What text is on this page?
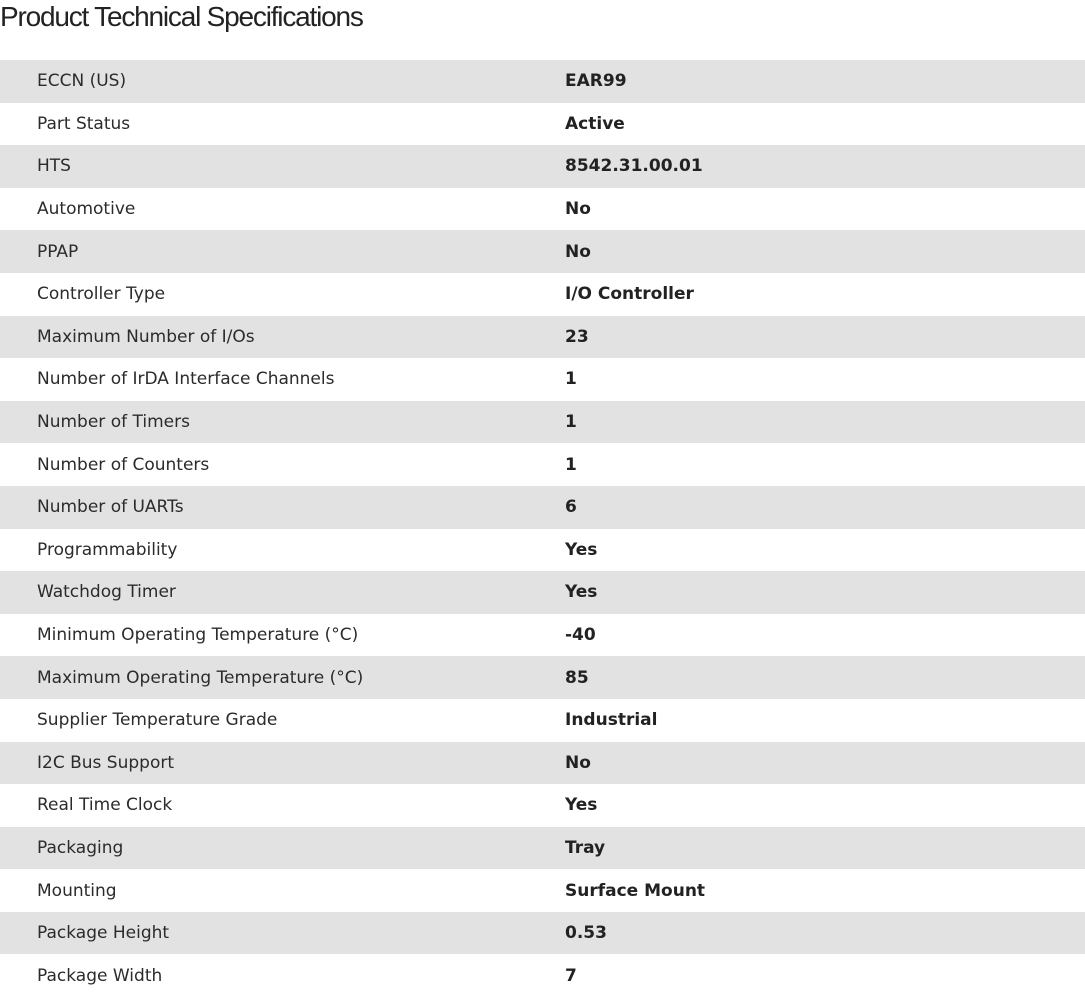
Product Technical Specifications
ECCN (US)	EAR99
Part Status	Active
HTS	8542.31.00.01
Automotive	No
PPAP	No
Controller Type	I/O Controller
Maximum Number of I/Os	23
Number of IrDA Interface Channels	1
Number of Timers	1
Number of Counters	1
Number of UARTs	6
Programmability	Yes
Watchdog Timer	Yes
Minimum Operating Temperature (°C)	-40
Maximum Operating Temperature (°C)	85
Supplier Temperature Grade	Industrial
I2C Bus Support	No
Real Time Clock	Yes
Packaging	Tray
Mounting	Surface Mount
Package Height	0.53
Package Width	7
